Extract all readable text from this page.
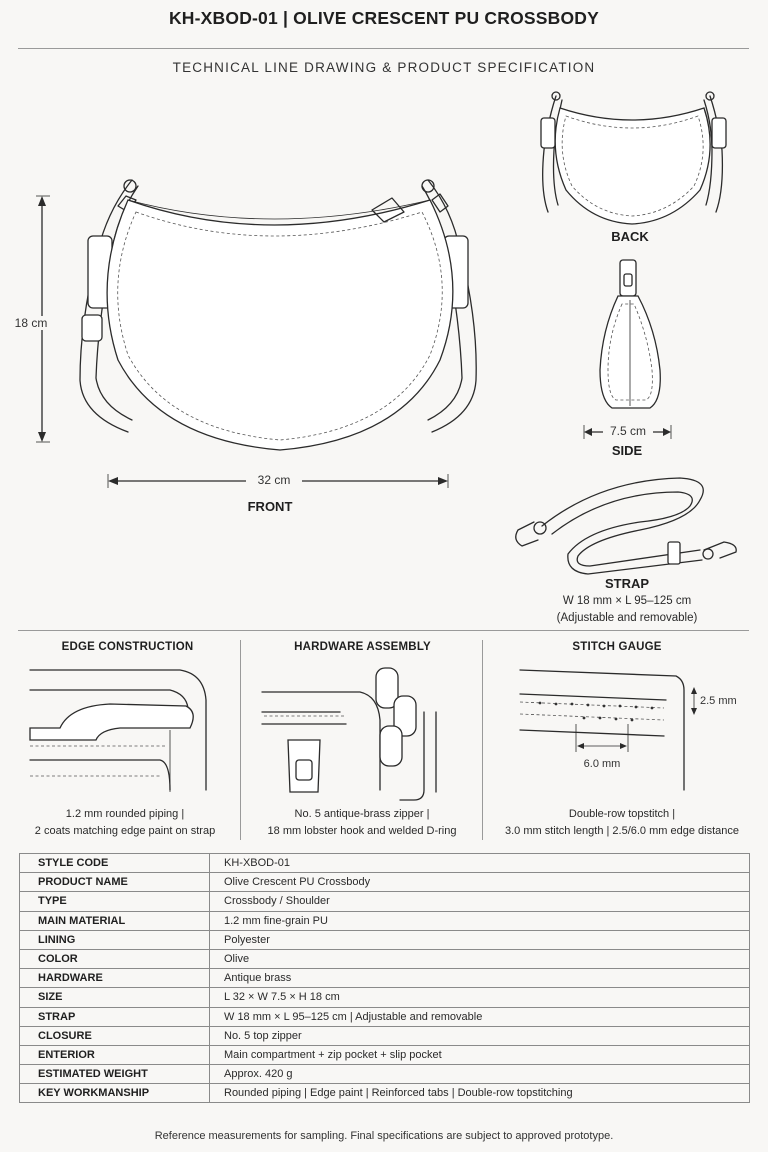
KH-XBOD-01 | OLIVE CRESCENT PU CROSSBODY
TECHNICAL LINE DRAWING & PRODUCT SPECIFICATION
18 cm
32 cm
FRONT
BACK
7.5 cm
SIDE
STRAP
W 18 mm × L 95–125 cm
(Adjustable and removable)
EDGE CONSTRUCTION	HARDWARE ASSEMBLY	STITCH GAUGE
2.5 mm
6.0 mm
1.2 mm rounded piping |
2 coats matching edge paint on strap
No. 5 antique-brass zipper |
18 mm lobster hook and welded D-ring
Double-row topstitch |
3.0 mm stitch length | 2.5/6.0 mm edge distance
STYLE CODE	KH-XBOD-01
PRODUCT NAME	Olive Crescent PU Crossbody
TYPE	Crossbody / Shoulder
MAIN MATERIAL	1.2 mm fine-grain PU
LINING	Polyester
COLOR	Olive
HARDWARE	Antique brass
SIZE	L 32 × W 7.5 × H 18 cm
STRAP	W 18 mm × L 95–125 cm | Adjustable and removable
CLOSURE	No. 5 top zipper
ENTERIOR	Main compartment + zip pocket + slip pocket
ESTIMATED WEIGHT	Approx. 420 g
KEY WORKMANSHIP	Rounded piping | Edge paint | Reinforced tabs | Double-row topstitching
Reference measurements for sampling. Final specifications are subject to approved prototype.
